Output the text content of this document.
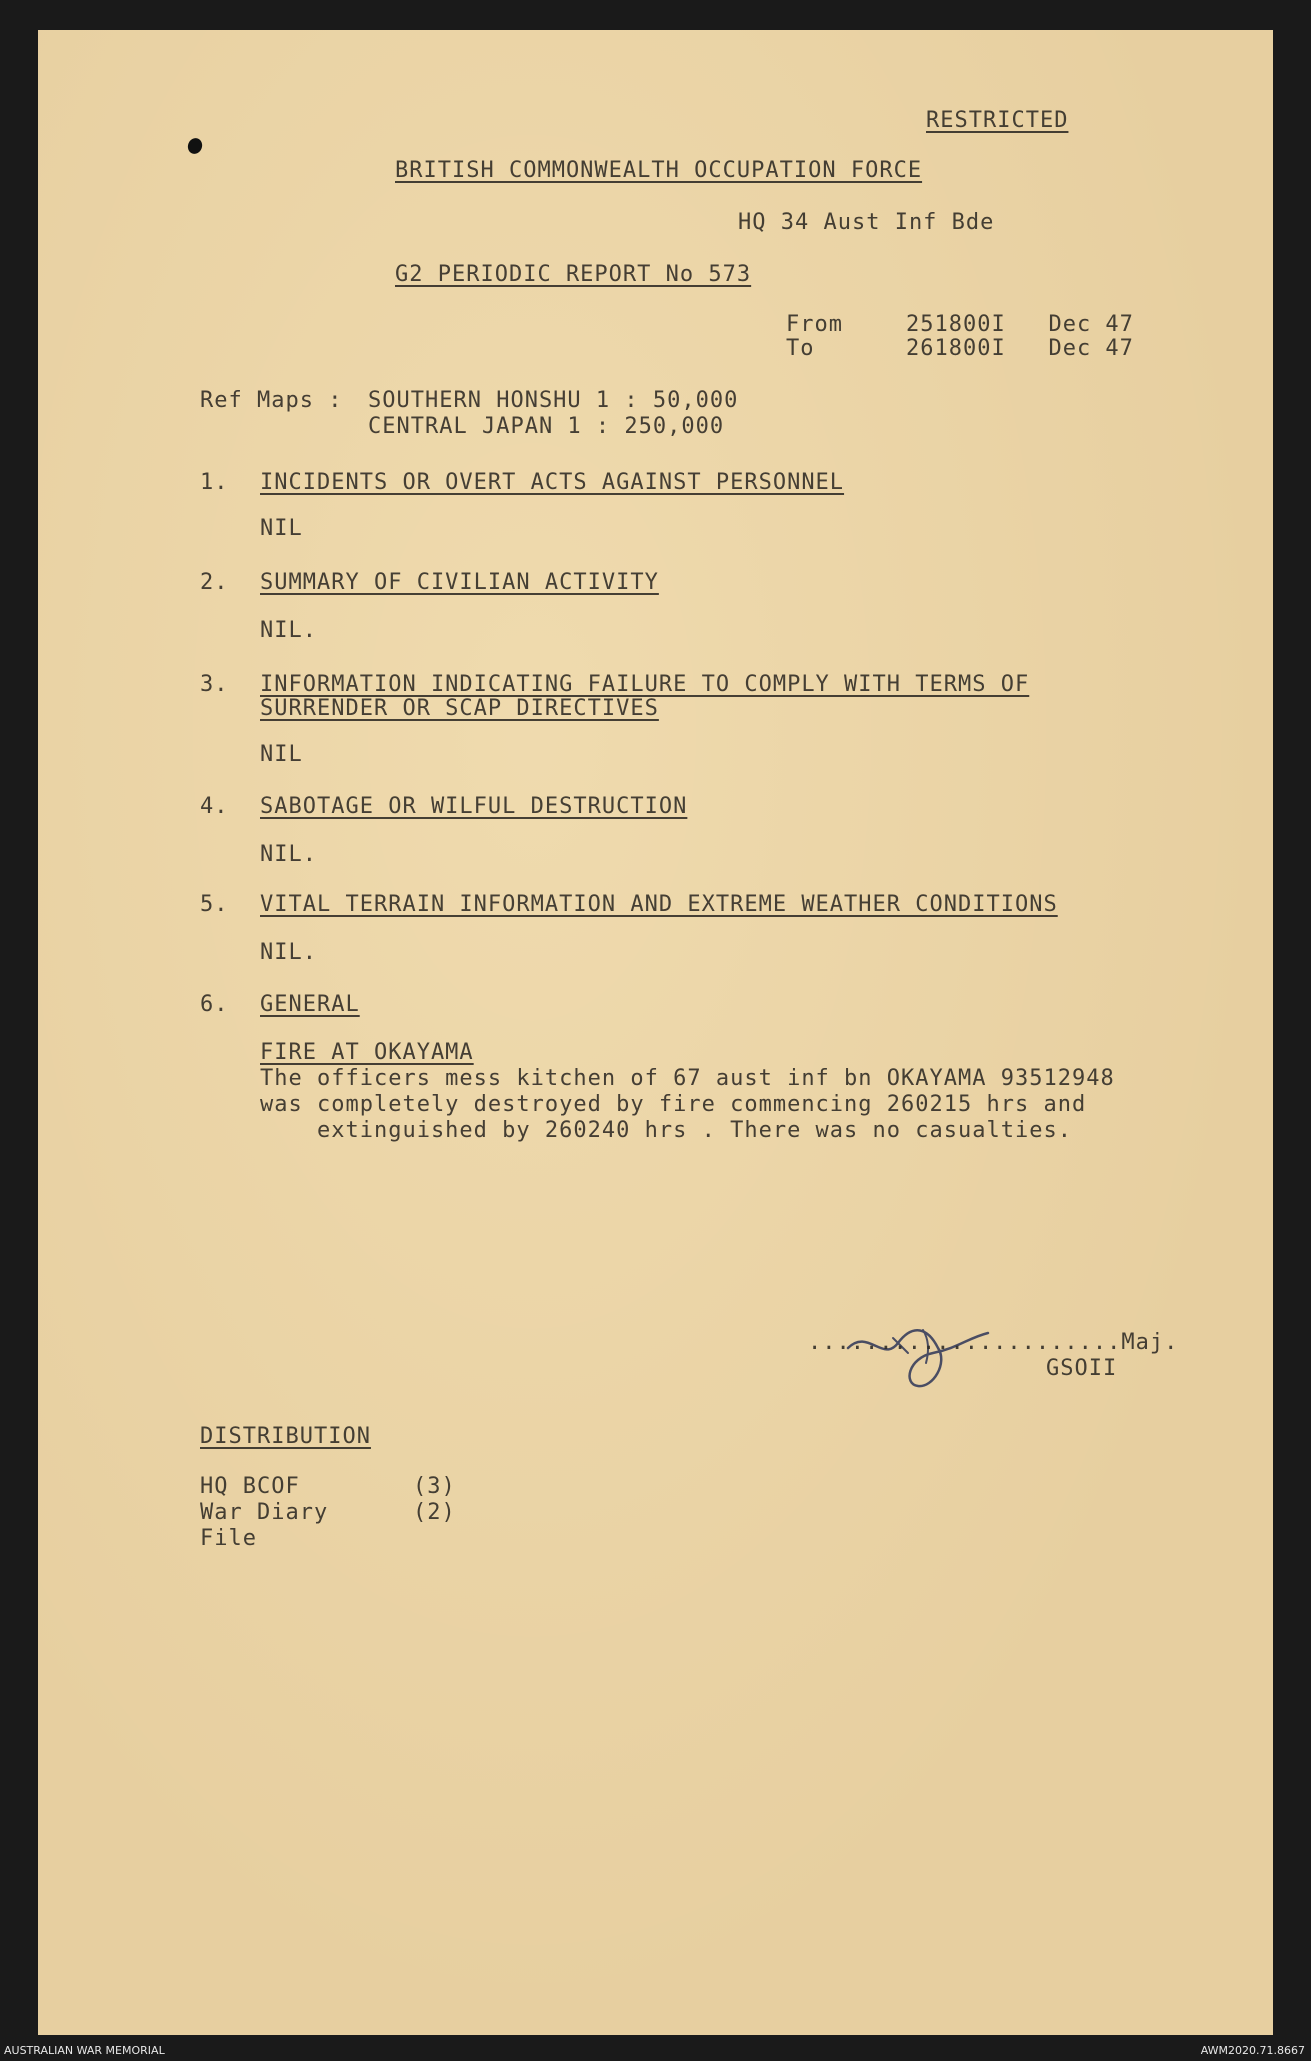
RESTRICTED
BRITISH COMMONWEALTH OCCUPATION FORCE
HQ 34 Aust Inf Bde
G2 PERIODIC REPORT No 573
From	251800I   Dec 47
To	261800I   Dec 47
Ref Maps : SOUTHERN HONSHU 1 : 50,000
CENTRAL JAPAN 1 : 250,000
1. INCIDENTS OR OVERT ACTS AGAINST PERSONNEL
NIL
2. SUMMARY OF CIVILIAN ACTIVITY
NIL.
3. INFORMATION INDICATING FAILURE TO COMPLY WITH TERMS OF
SURRENDER OR SCAP DIRECTIVES
NIL
4. SABOTAGE OR WILFUL DESTRUCTION
NIL.
5. VITAL TERRAIN INFORMATION AND EXTREME WEATHER CONDITIONS
NIL.
6. GENERAL
FIRE AT OKAYAMA
The officers mess kitchen of 67 aust inf bn OKAYAMA 93512948
was completely destroyed by fire commencing 260215 hrs and
extinguished by 260240 hrs . There was no casualties.
......................Maj.
GSOII
DISTRIBUTION
HQ BCOF	(3)
War Diary	(2)
File
AUSTRALIAN WAR MEMORIAL	AWM2020.71.8667
